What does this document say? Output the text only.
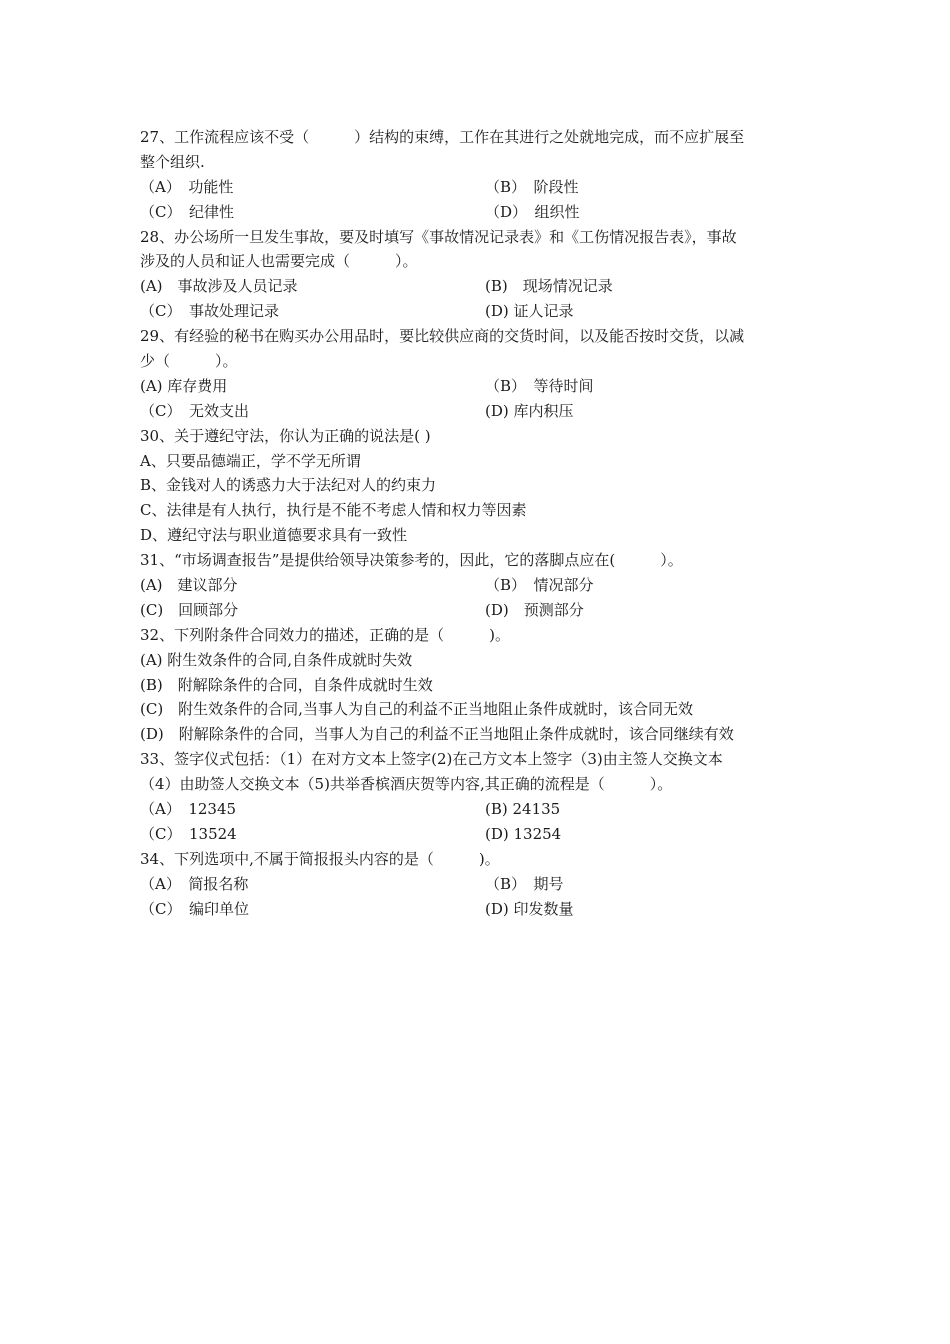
27、工作流程应该不受（　　　）结构的束缚，工作在其进行之处就地完成，而不应扩展至
整个组织.
（A）　功能性	（B）　阶段性
（C）　纪律性	（D）　组织性
28、办公场所一旦发生事故，要及时填写《事故情况记录表》和《工伤情况报告表》，事故
涉及的人员和证人也需要完成（　　　）。
(A)　事故涉及人员记录	(B)　现场情况记录
（C）　事故处理记录	(D) 证人记录
29、有经验的秘书在购买办公用品时，要比较供应商的交货时间，以及能否按时交货，以减
少（　　　）。
(A) 库存费用	（B）　等待时间
（C）　无效支出	(D) 库内积压
30、关于遵纪守法，你认为正确的说法是( )
A、只要品德端正，学不学无所谓
B、金钱对人的诱惑力大于法纪对人的约束力
C、法律是有人执行，执行是不能不考虑人情和权力等因素
D、遵纪守法与职业道德要求具有一致性
31、“市场调查报告”是提供给领导决策参考的，因此，它的落脚点应在(　　　）。
(A)　建议部分	（B）　情况部分
(C)　回顾部分	(D)　预测部分
32、下列附条件合同效力的描述，正确的是（　　　)。
(A) 附生效条件的合同,自条件成就时失效
(B)　附解除条件的合同，自条件成就时生效
(C)　附生效条件的合同,当事人为自己的利益不正当地阻止条件成就时，该合同无效
(D)　附解除条件的合同，当事人为自己的利益不正当地阻止条件成就时，该合同继续有效
33、签字仪式包括：（1）在对方文本上签字(2)在己方文本上签字（3)由主签人交换文本
（4）由助签人交换文本（5)共举香槟酒庆贺等内容,其正确的流程是（　　　）。
（A）　12345	(B) 24135
（C）　13524	(D) 13254
34、下列选项中,不属于简报报头内容的是（　　　)。
（A）　简报名称	（B）　期号
（C）　编印单位	(D) 印发数量
